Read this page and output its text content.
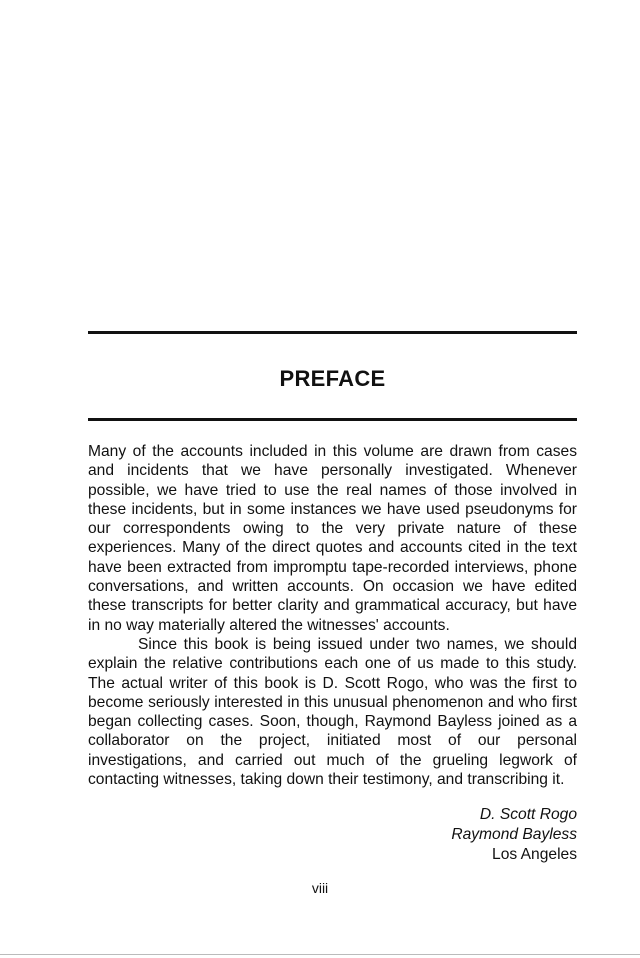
PREFACE

Many of the accounts included in this volume are drawn from cases and incidents that we have personally investigated. Whenever possible, we have tried to use the real names of those involved in these incidents, but in some instances we have used pseudonyms for our correspondents owing to the very private nature of these experiences. Many of the direct quotes and accounts cited in the text have been extracted from impromptu tape-recorded interviews, phone conversations, and written accounts. On occasion we have edited these transcripts for better clarity and grammatical accuracy, but have in no way materially altered the witnesses' accounts.

Since this book is being issued under two names, we should explain the relative contributions each one of us made to this study. The actual writer of this book is D. Scott Rogo, who was the first to become seriously interested in this unusual phenomenon and who first began collecting cases. Soon, though, Raymond Bayless joined as a collaborator on the project, initiated most of our personal investigations, and carried out much of the grueling legwork of contacting witnesses, taking down their testimony, and transcribing it.

D. Scott Rogo
Raymond Bayless
Los Angeles
viii
